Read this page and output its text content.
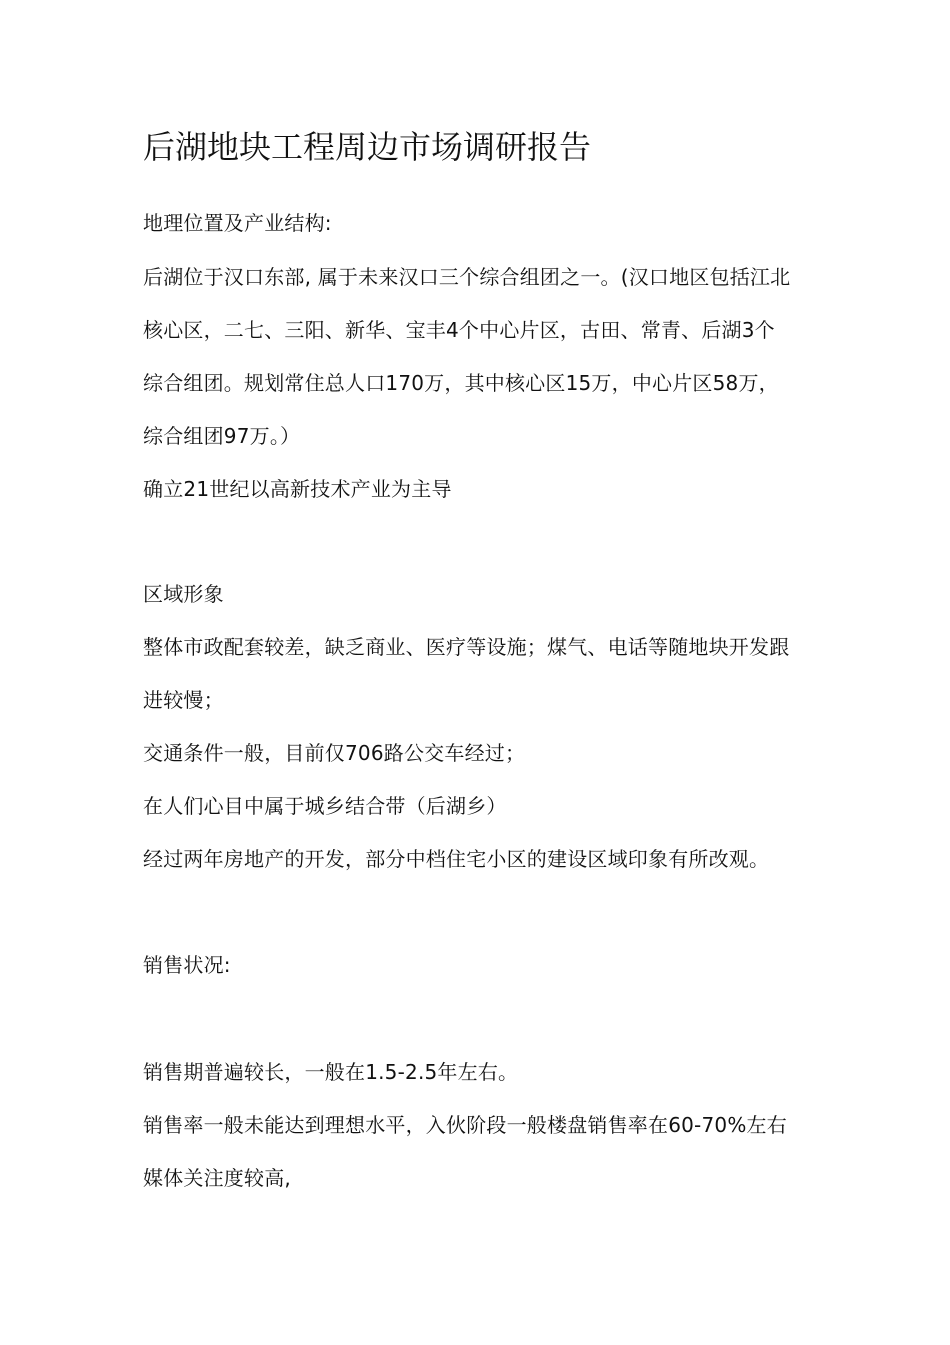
后湖地块工程周边市场调研报告
地理位置及产业结构:
后湖位于汉口东部, 属于未来汉口三个综合组团之一。(汉口地区包括江北
核心区，二七、三阳、新华、宝丰4个中心片区，古田、常青、后湖3个
综合组团。规划常住总人口170万，其中核心区15万，中心片区58万，
综合组团97万。）
确立21世纪以高新技术产业为主导
区域形象
整体市政配套较差，缺乏商业、医疗等设施；煤气、电话等随地块开发跟
进较慢；
交通条件一般，目前仅706路公交车经过；
在人们心目中属于城乡结合带（后湖乡）
经过两年房地产的开发，部分中档住宅小区的建设区域印象有所改观。
销售状况:
销售期普遍较长，一般在1.5-2.5年左右。
销售率一般未能达到理想水平，入伙阶段一般楼盘销售率在60-70%左右
媒体关注度较高,
